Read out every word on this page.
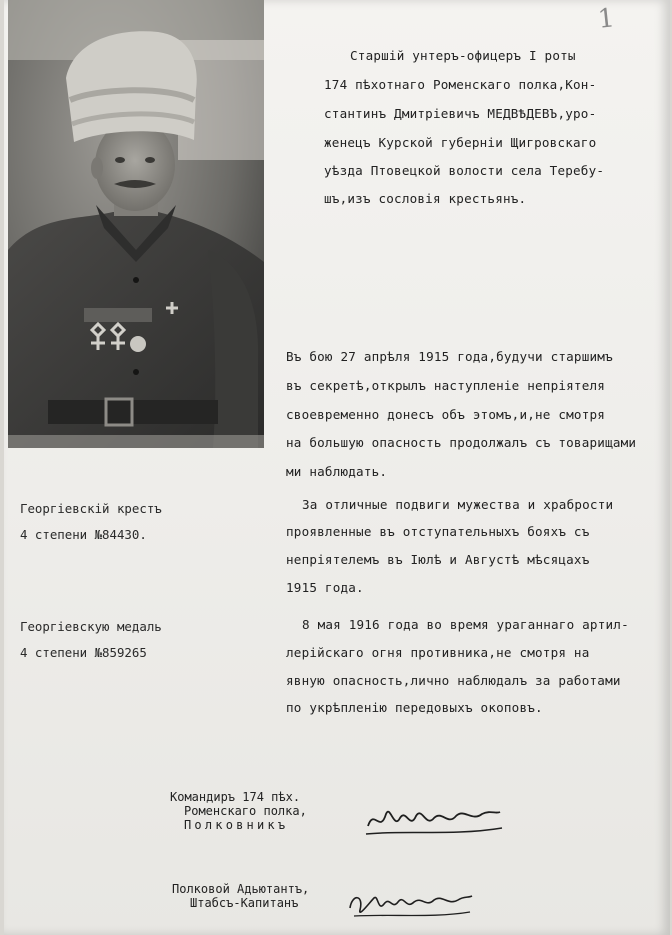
1

Старшій унтеръ-офицеръ I роты

174 пѣхотнаго Роменскаго полка,Кон-

стантинъ Дмитріевичъ МЕДВѢДЕВЪ,уро-

женецъ Курской губерніи Щигровскаго

уѣзда Птовецкой волости села Теребу-

шъ,изъ сословія крестьянъ.

Въ бою 27 апрѣля 1915 года,будучи старшимъ

въ секретѣ,открылъ наступленіе непріятеля

своевременно донесъ объ этомъ,и,не смотря

на большую опасность продолжалъ съ товарищами

ми наблюдать.

Георгіевскій крестъ

4 степени №84430.

За отличные подвиги мужества и храбрости

проявленные въ отступательныхъ бояхъ съ

непріятелемъ въ Іюлѣ и Августѣ мѣсяцахъ

1915 года.

Георгіевскую медаль

4 степени №859265

8 мая 1916 года во время ураганнаго артил-

лерійскаго огня противника,не смотря на

явную опасность,лично наблюдалъ за работами

по укрѣпленію передовыхъ окоповъ.

Командиръ 174 пѣх.

Роменскаго полка,

Полковникъ

Полковой Адьютантъ,

Штабсъ-Капитанъ
